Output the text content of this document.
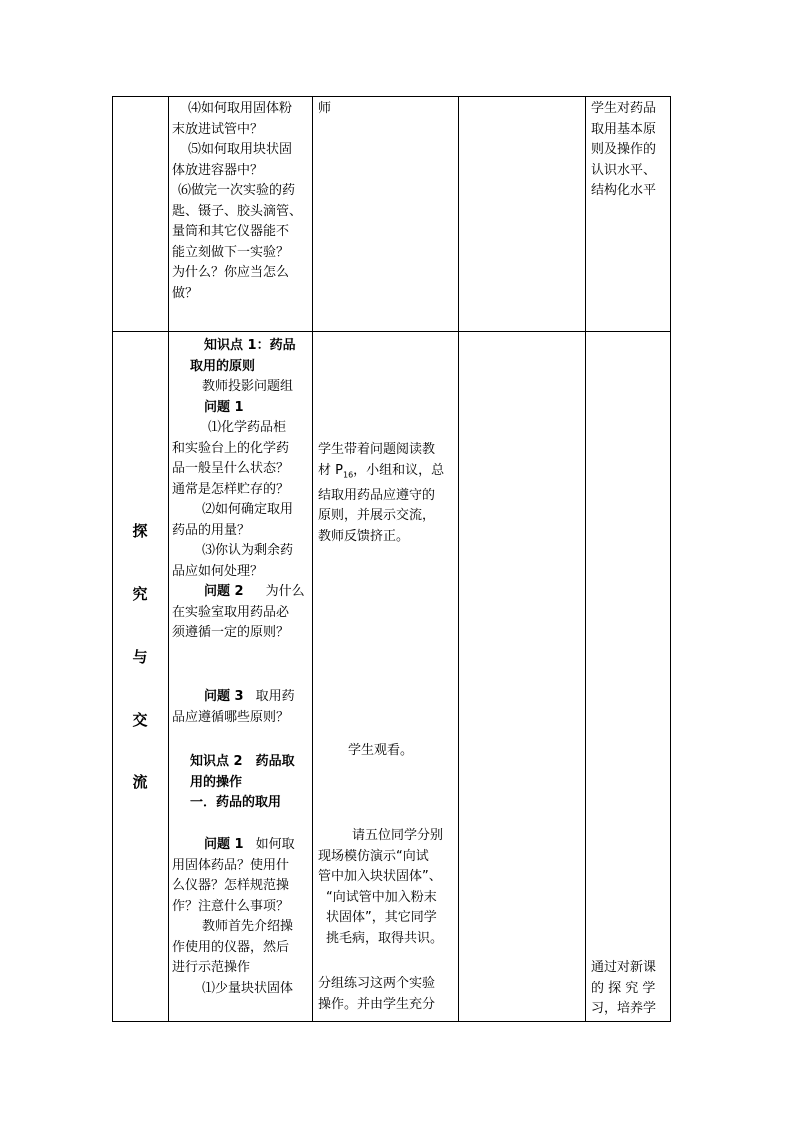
⑷如何取用固体粉

末放进试管中？

⑸如何取用块状固

体放进容器中？

⑹做完一次实验的药

匙、镊子、胶头滴管、

量筒和其它仪器能不

能立刻做下一实验？

为什么？你应当怎么

做？

师	学生对药品

取用基本原

则及操作的

认识水平、

结构化水平

探
究
与
交
流

知识点 1：药品

取用的原则

教师投影问题组

问题 1

⑴化学药品柜

和实验台上的化学药

品一般呈什么状态？

通常是怎样贮存的？

⑵如何确定取用

药品的用量？

⑶你认为剩余药

品应如何处理？

问题 2 为什么

在实验室取用药品必

须遵循一定的原则？

问题 3 取用药

品应遵循哪些原则？

知识点 2　药品取

用的操作

一．药品的取用

问题 1 如何取

用固体药品？使用什

么仪器？怎样规范操

作？注意什么事项？

教师首先介绍操

作使用的仪器，然后

进行示范操作

⑴少量块状固体

学生带着问题阅读教

材 $P_{16}$，小组和议，总

结取用药品应遵守的

原则，并展示交流，

教师反馈挤正。

学生观看。

请五位同学分别

现场模仿演示“向试

管中加入块状固体”、

“向试管中加入粉末

状固体”，其它同学

挑毛病，取得共识。

分组练习这两个实验

操作。并由学生充分

通过对新课

的 探 究 学

习，培养学
